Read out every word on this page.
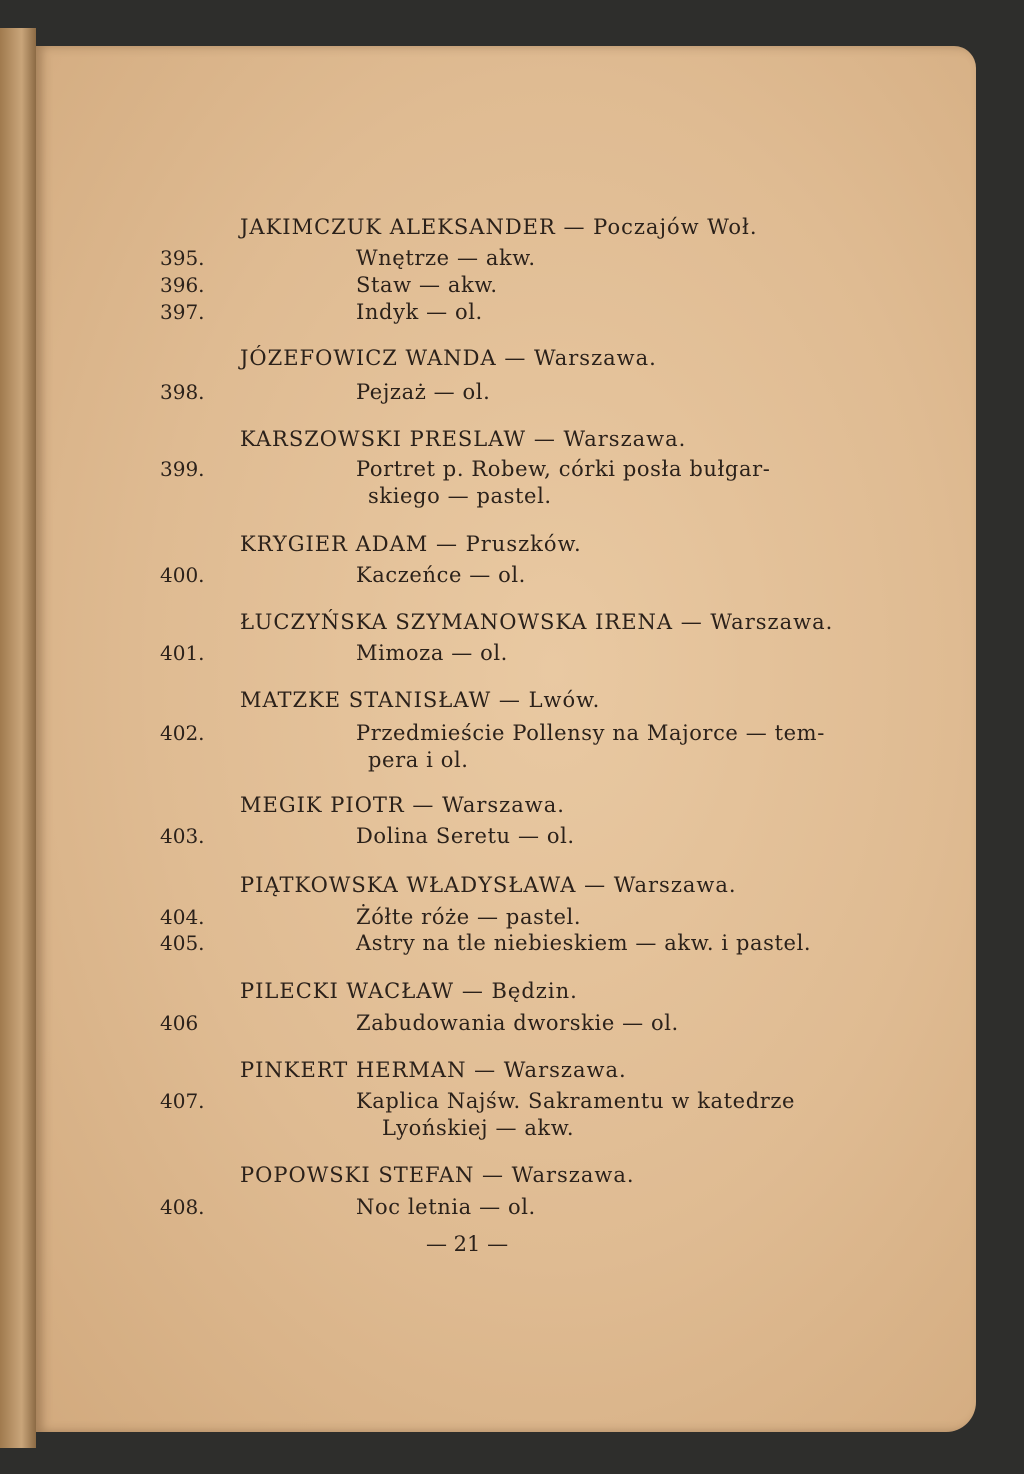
JAKIMCZUK ALEKSANDER — Poczajów Woł.
395.	Wnętrze — akw.
396.	Staw — akw.
397.	Indyk — ol.
JÓZEFOWICZ WANDA — Warszawa.
398.	Pejzaż — ol.
KARSZOWSKI PRESLAW — Warszawa.
399.	Portret p. Robew, córki posła bułgar-
skiego — pastel.
KRYGIER ADAM — Pruszków.
400.	Kaczeńce — ol.
ŁUCZYŃSKA SZYMANOWSKA IRENA — Warszawa.
401.	Mimoza — ol.
MATZKE STANISŁAW — Lwów.
402.	Przedmieście Pollensy na Majorce — tem-
pera i ol.
MEGIK PIOTR — Warszawa.
403.	Dolina Seretu — ol.
PIĄTKOWSKA WŁADYSŁAWA — Warszawa.
404.	Żółte róże — pastel.
405.	Astry na tle niebieskiem — akw. i pastel.
PILECKI WACŁAW — Będzin.
406	Zabudowania dworskie — ol.
PINKERT HERMAN — Warszawa.
407.	Kaplica Najśw. Sakramentu w katedrze
Lyońskiej — akw.
POPOWSKI STEFAN — Warszawa.
408.	Noc letnia — ol.
— 21 —
